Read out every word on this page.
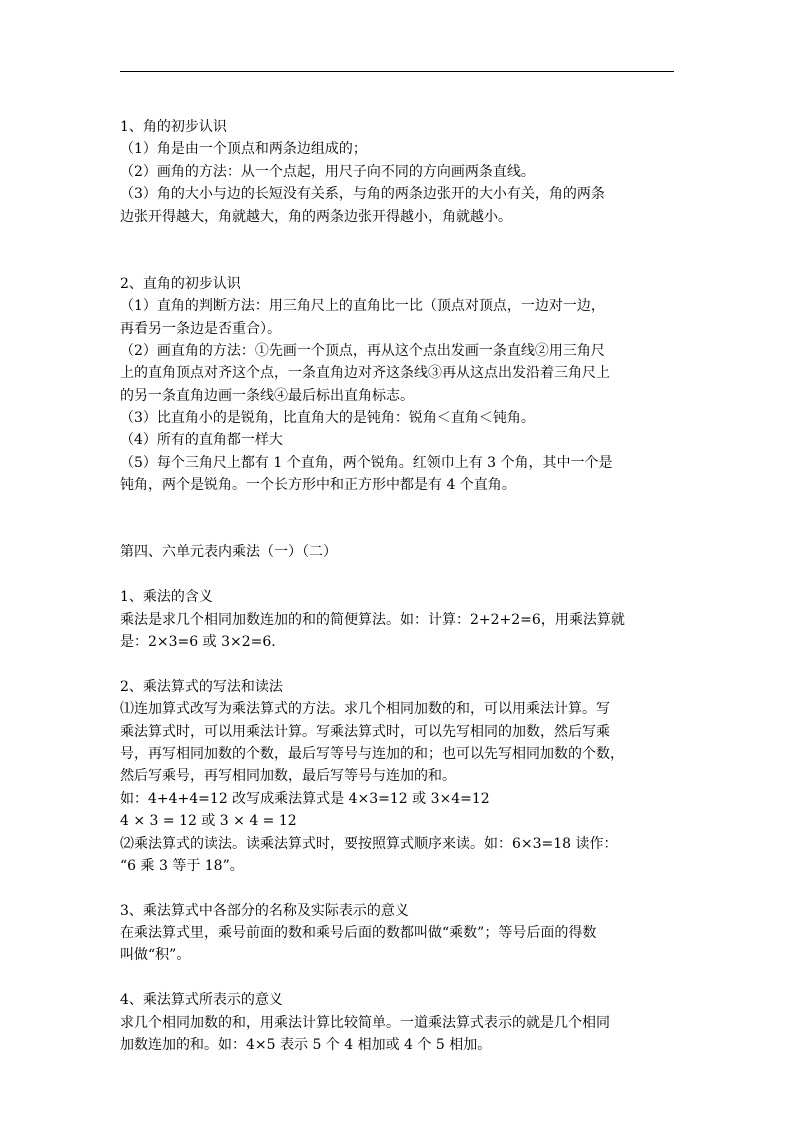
1、角的初步认识
（1）角是由一个顶点和两条边组成的；
（2）画角的方法：从一个点起，用尺子向不同的方向画两条直线。
（3）角的大小与边的长短没有关系，与角的两条边张开的大小有关，角的两条
边张开得越大，角就越大，角的两条边张开得越小，角就越小。
2、直角的初步认识
（1）直角的判断方法：用三角尺上的直角比一比（顶点对顶点，一边对一边，
再看另一条边是否重合）。
（2）画直角的方法：①先画一个顶点，再从这个点出发画一条直线②用三角尺
上的直角顶点对齐这个点，一条直角边对齐这条线③再从这点出发沿着三角尺上
的另一条直角边画一条线④最后标出直角标志。
（3）比直角小的是锐角，比直角大的是钝角：锐角＜直角＜钝角。
（4）所有的直角都一样大
（5）每个三角尺上都有 1 个直角，两个锐角。红领巾上有 3 个角，其中一个是
钝角，两个是锐角。一个长方形中和正方形中都是有 4 个直角。
第四、六单元表内乘法（一）（二）
1、乘法的含义
乘法是求几个相同加数连加的和的简便算法。如：计算：2+2+2=6，用乘法算就
是：2×3=6 或 3×2=6.
2、乘法算式的写法和读法
⑴连加算式改写为乘法算式的方法。求几个相同加数的和，可以用乘法计算。写
乘法算式时，可以用乘法计算。写乘法算式时，可以先写相同的加数，然后写乘
号，再写相同加数的个数，最后写等号与连加的和；也可以先写相同加数的个数，
然后写乘号，再写相同加数，最后写等号与连加的和。
如：4+4+4=12 改写成乘法算式是 4×3=12 或 3×4=12
4 × 3 = 12 或 3 × 4 = 12
⑵乘法算式的读法。读乘法算式时，要按照算式顺序来读。如：6×3=18 读作：
“6 乘 3 等于 18”。
3、乘法算式中各部分的名称及实际表示的意义
在乘法算式里，乘号前面的数和乘号后面的数都叫做“乘数”；等号后面的得数
叫做“积”。
4、乘法算式所表示的意义
求几个相同加数的和，用乘法计算比较简单。一道乘法算式表示的就是几个相同
加数连加的和。如：4×5 表示 5 个 4 相加或 4 个 5 相加。
